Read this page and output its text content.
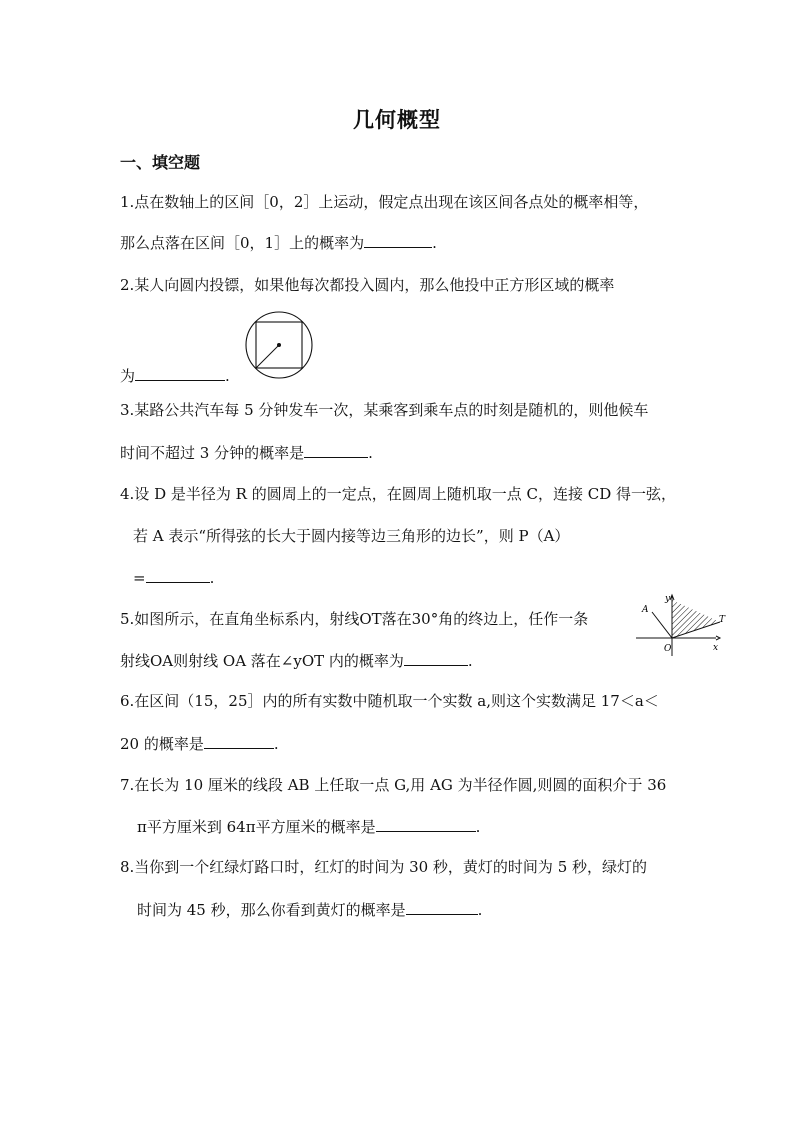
几何概型
一、填空题
1.点在数轴上的区间［0，2］上运动，假定点出现在该区间各点处的概率相等，
那么点落在区间［0，1］上的概率为	.
2.某人向圆内投镖，如果他每次都投入圆内，那么他投中正方形区域的概率
为	.
3.某路公共汽车每 5 分钟发车一次，某乘客到乘车点的时刻是随机的，则他候车
时间不超过 3 分钟的概率是	.
4.设 D 是半径为 R 的圆周上的一定点，在圆周上随机取一点 C，连接 CD 得一弦，
若 A 表示“所得弦的长大于圆内接等边三角形的边长”，则 P（A）
=	.
5.如图所示，在直角坐标系内，射线OT落在30°角的终边上，任作一条
射线OA则射线 OA 落在∠yOT 内的概率为	.
y
x
O
A
T
6.在区间（15，25］内的所有实数中随机取一个实数 a,则这个实数满足 17＜a＜
20 的概率是	.
7.在长为 10 厘米的线段 AB 上任取一点 G,用 AG 为半径作圆,则圆的面积介于 36
π平方厘米到 64π平方厘米的概率是	.
8.当你到一个红绿灯路口时，红灯的时间为 30 秒，黄灯的时间为 5 秒，绿灯的
时间为 45 秒，那么你看到黄灯的概率是	.
